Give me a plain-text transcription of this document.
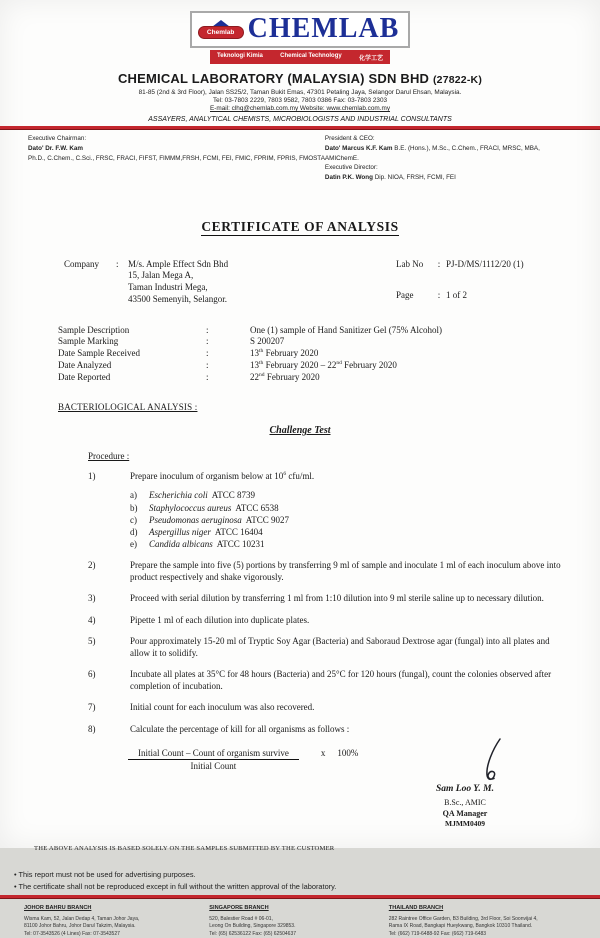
Chemlab CHEMLAB
Teknologi Kimia	Chemical Technology	化学工艺
CHEMICAL LABORATORY (MALAYSIA) SDN BHD (27822-K)
81-85 (2nd & 3rd Floor), Jalan SS25/2, Taman Bukit Emas, 47301 Petaling Jaya, Selangor Darul Ehsan, Malaysia.
Tel: 03-7803 2229, 7803 9582, 7803 0386 Fax: 03-7803 2303
E-mail: clhq@chemlab.com.my Website: www.chemlab.com.my
ASSAYERS, ANALYTICAL CHEMISTS, MICROBIOLOGISTS AND INDUSTRIAL CONSULTANTS
Executive Chairman:
Dato' Dr. F.W. Kam
Ph.D., C.Chem., C.Sci., FRSC, FRACI, FIFST, FIMMM,FRSH, FCMI, FEI, FMIC, FPRIM, FPRIS, FMOSTA
President & CEO:
Dato' Marcus K.F. Kam B.E. (Hons.), M.Sc., C.Chem., FRACI, MRSC, MBA, AMIChemE.
Executive Director:
Datin P.K. Wong Dip. NIOA, FRSH, FCMI, FEI
CERTIFICATE OF ANALYSIS
Company	:	M/s. Ample Effect Sdn Bhd
15, Jalan Mega A,
Taman Industri Mega,
43500 Semenyih, Selangor.
Lab No	: PJ-D/MS/1112/20 (1)
Page	: 1 of 2
Sample Description	:	One (1) sample of Hand Sanitizer Gel (75% Alcohol)
Sample Marking	:	S 200207
Date Sample Received	:	13th February 2020
Date Analyzed	:	13th February 2020 – 22nd February 2020
Date Reported	:	22nd February 2020
BACTERIOLOGICAL ANALYSIS :
Challenge Test
Procedure :
1)	Prepare inoculum of organism below at $10^6$ cfu/ml.
a)	Escherichia coli ATCC 8739
b)	Staphylococcus aureus ATCC 6538
c)	Pseudomonas aeruginosa ATCC 9027
d)	Aspergillus niger ATCC 16404
e)	Candida albicans ATCC 10231
2)	Prepare the sample into five (5) portions by transferring 9 ml of sample and inoculate 1 ml of each inoculum above into product respectively and shake vigorously.
3)	Proceed with serial dilution by transferring 1 ml from 1:10 dilution into 9 ml sterile saline up to necessary dilution.
4)	Pipette 1 ml of each dilution into duplicate plates.
5)	Pour approximately 15-20 ml of Tryptic Soy Agar (Bacteria) and Saboraud Dextrose agar (fungal) into all plates and allow it to solidify.
6)	Incubate all plates at 35°C for 48 hours (Bacteria) and 25°C for 120 hours (fungal), count the colonies observed after completion of incubation.
7)	Initial count for each inoculum was also recovered.
8)	Calculate the percentage of kill for all organisms as follows :
$\frac{\text{Initial Count – Count of organism survive}}{\text{Initial Count}}$ x 100%
Sam Loo Y. M.
B.Sc., AMIC
QA Manager
MJMM0409
THE ABOVE ANALYSIS IS BASED SOLELY ON THE SAMPLES SUBMITTED BY THE CUSTOMER
• This report must not be used for advertising purposes.
• The certificate shall not be reproduced except in full without the written approval of the laboratory.
JOHOR BAHRU BRANCH
Wisma Kam, 52, Jalan Dedap 4, Taman Johor Jaya,
81100 Johor Bahru, Johor Darul Takzim, Malaysia.
Tel: 07-3543526 (4 Lines) Fax: 07-3543527
SINGAPORE BRANCH
520, Balestier Road # 06-01,
Leong On Building, Singapore 329853.
Tel: (65) 62536122 Fax: (65) 62504637
THAILAND BRANCH
282 Raintree Office Garden, B3 Building, 3rd Floor, Soi Soonvijai 4,
Rama IX Road, Bangkapi Hueykwang, Bangkok 10310 Thailand.
Tel: (662) 719-6488-92 Fax: (662) 719-6483
